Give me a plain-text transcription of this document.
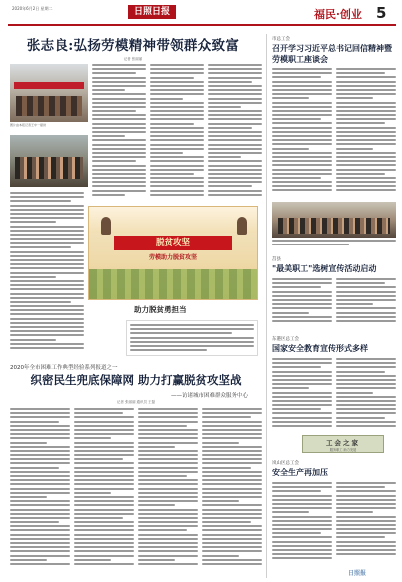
2020年6月2日 星期二	日照日报	福民·创业 5
张志良:弘扬劳模精神带领群众致富
记者 张丽丽
图片由本报记者王中一提供
脱贫攻坚
劳模助力脱贫攻坚
助力脱贫勇担当
2020年全市困难工作典型经验系列报道之一
织密民生兜底保障网 助力打赢脱贫攻坚战
——访诸城市困难群众服务中心
记者 张丽丽 通讯员 王磊
市总工会
召开学习习近平总书记回信精神暨劳模职工座谈会
莒县
"最美职工"选树宣传活动启动
东港区总工会
国家安全教育宣传形式多样
工会之家
服务职工 助力发展
岚山区总工会
安全生产再加压
日照报
